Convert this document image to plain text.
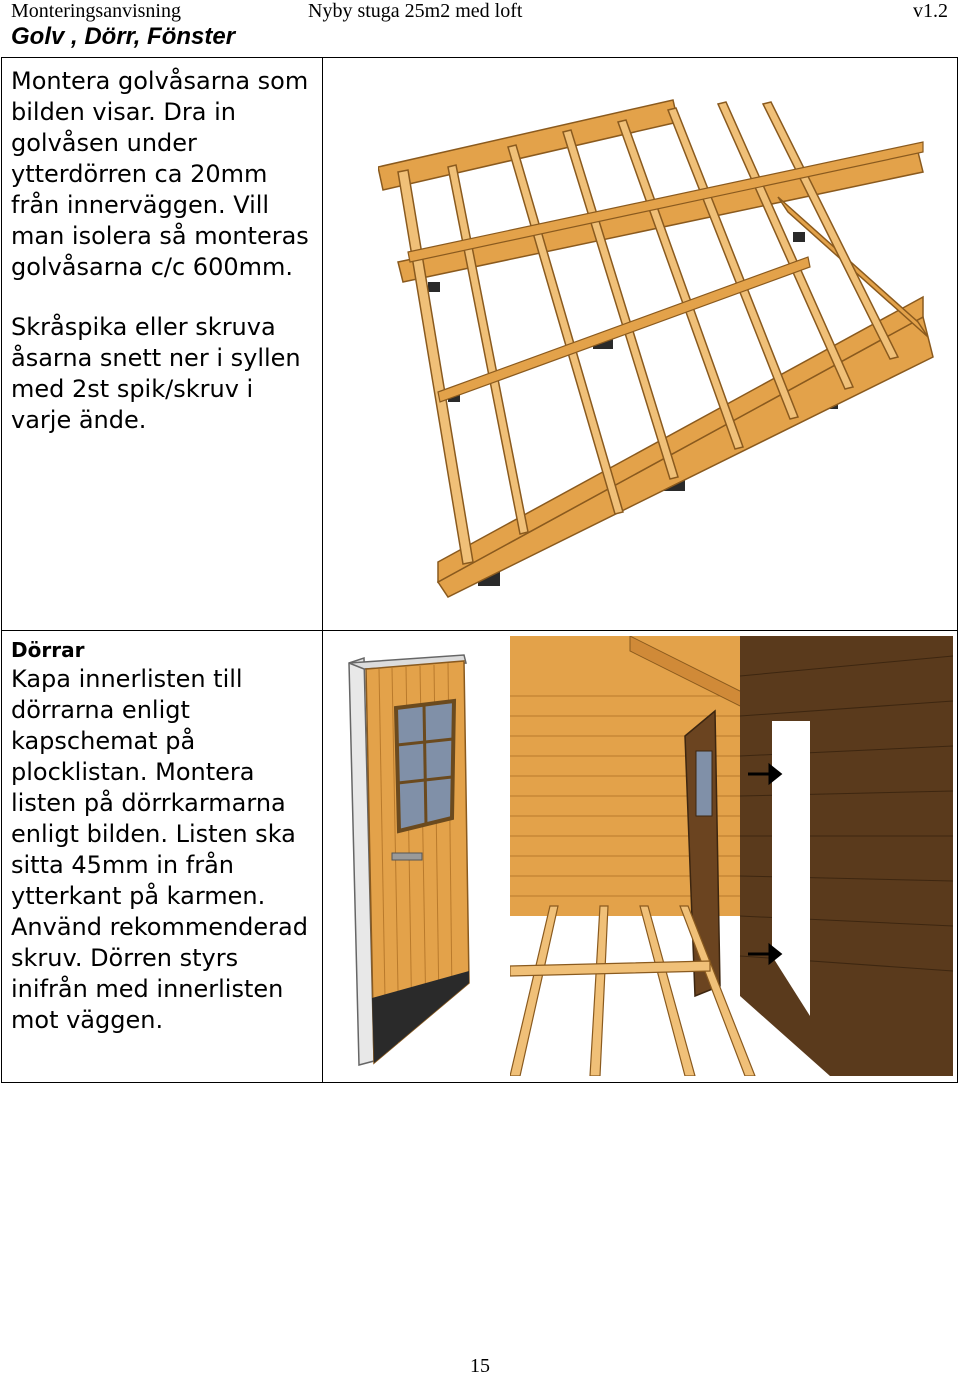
Monteringsanvisning	Nyby stuga 25m2 med loft	v1.2
Golv , Dörr, Fönster
Montera golvåsarna som bilden visar. Dra in golvåsen under ytterdörren ca 20mm från innerväggen. Vill man isolera så monteras golvåsarna c/c 600mm.
Skråspika eller skruva åsarna snett ner i syllen med 2st spik/skruv i varje ände.
Dörrar
Kapa innerlisten till dörrarna enligt kapschemat på plocklistan. Montera listen på dörrkarmarna enligt bilden. Listen ska sitta 45mm in från ytterkant på karmen. Använd rekommenderad skruv. Dörren styrs inifrån med innerlisten mot väggen.
15
